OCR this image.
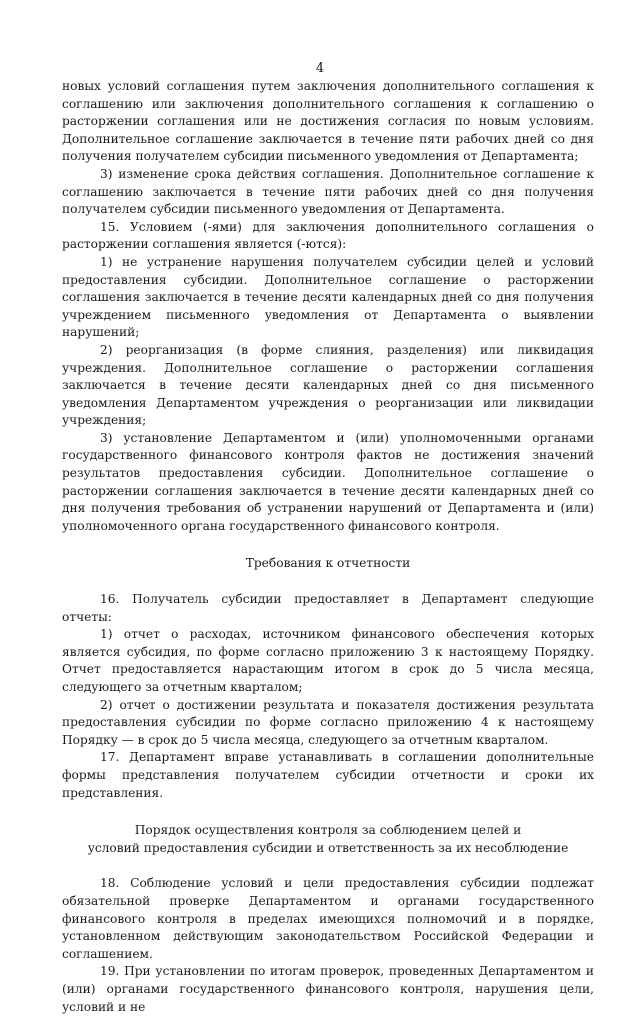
4

новых условий соглашения путем заключения дополнительного соглашения к соглашению или заключения дополнительного соглашения к соглашению о расторжении соглашения или не достижения согласия по новым условиям. Дополнительное соглашение заключается в течение пяти рабочих дней со дня получения получателем субсидии письменного уведомления от Департамента;

3) изменение срока действия соглашения. Дополнительное соглашение к соглашению заключается в течение пяти рабочих дней со дня получения получателем субсидии письменного уведомления от Департамента.

15. Условием (-ями) для заключения дополнительного соглашения о расторжении соглашения является (-ются):

1) не устранение нарушения получателем субсидии целей и условий предоставления субсидии. Дополнительное соглашение о расторжении соглашения заключается в течение десяти календарных дней со дня получения учреждением письменного уведомления от Департамента о выявлении нарушений;

2) реорганизация (в форме слияния, разделения) или ликвидация учреждения. Дополнительное соглашение о расторжении соглашения заключается в течение десяти календарных дней со дня письменного уведомления Департаментом учреждения о реорганизации или ликвидации учреждения;

3) установление Департаментом и (или) уполномоченными органами государственного финансового контроля фактов не достижения значений результатов предоставления субсидии. Дополнительное соглашение о расторжении соглашения заключается в течение десяти календарных дней со дня получения требования об устранении нарушений от Департамента и (или) уполномоченного органа государственного финансового контроля.

Требования к отчетности

16. Получатель субсидии предоставляет в Департамент следующие отчеты:

1) отчет о расходах, источником финансового обеспечения которых является субсидия, по форме согласно приложению 3 к настоящему Порядку. Отчет предоставляется нарастающим итогом в срок до 5 числа месяца, следующего за отчетным кварталом;

2) отчет о достижении результата и показателя достижения результата предоставления субсидии по форме согласно приложению 4 к настоящему Порядку — в срок до 5 числа месяца, следующего за отчетным кварталом.

17. Департамент вправе устанавливать в соглашении дополнительные формы представления получателем субсидии отчетности и сроки их представления.

Порядок осуществления контроля за соблюдением целей и

условий предоставления субсидии и ответственность за их несоблюдение

18. Соблюдение условий и цели предоставления субсидии подлежат обязательной проверке Департаментом и органами государственного финансового контроля в пределах имеющихся полномочий и в порядке, установленном действующим законодательством Российской Федерации и соглашением.

19. При установлении по итогам проверок, проведенных Департаментом и (или) органами государственного финансового контроля, нарушения цели, условий и не
